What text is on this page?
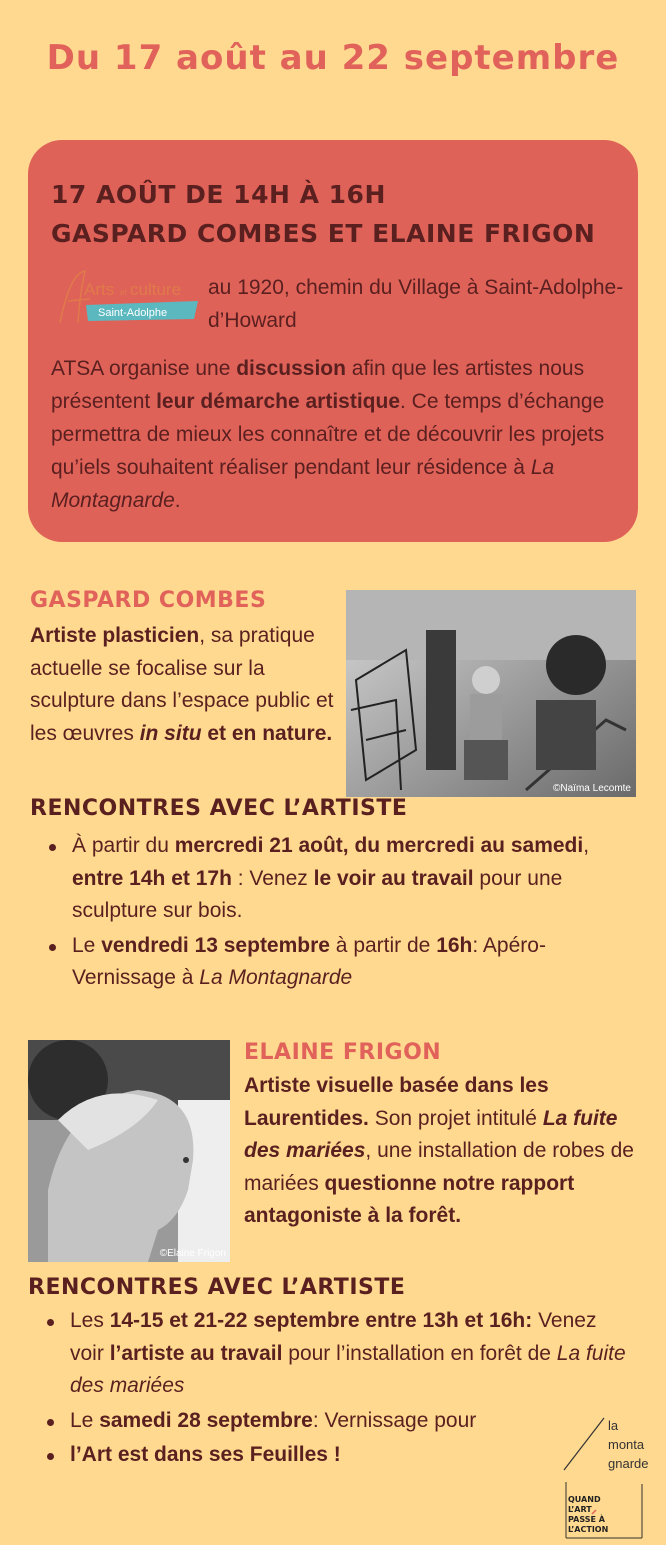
Du 17 août au 22 septembre
17 AOÛT DE 14H À 16H
GASPARD COMBES ET ELAINE FRIGON
Arts et culture
Saint-Adolphe
au 1920, chemin du Village à Saint-Adolphe-d’Howard
ATSA organise une discussion afin que les artistes nous présentent leur démarche artistique. Ce temps d’échange permettra de mieux les connaître et de découvrir les projets qu’iels souhaitent réaliser pendant leur résidence à La Montagnarde.
GASPARD COMBES
Artiste plasticien, sa pratique actuelle se focalise sur la sculpture dans l’espace public et les œuvres in situ et en nature.
©Naïma Lecomte
RENCONTRES AVEC L’ARTISTE
À partir du mercredi 21 août, du mercredi au samedi, entre 14h et 17h : Venez le voir au travail pour une sculpture sur bois.
Le vendredi 13 septembre à partir de 16h: Apéro-Vernissage à La Montagnarde
©Elaine Frigon
ELAINE FRIGON
Artiste visuelle basée dans les Laurentides. Son projet intitulé La fuite des mariées, une installation de robes de mariées questionne notre rapport antagoniste à la forêt.
RENCONTRES AVEC L’ARTISTE
Les 14-15 et 21-22 septembre entre 13h et 16h: Venez voir l’artiste au travail pour l’installation en forêt de La fuite des mariées
Le samedi 28 septembre: Vernissage pour
l’Art est dans ses Feuilles !
la
monta
gnarde
QUAND
L’ART
PASSE À
L’ACTION
